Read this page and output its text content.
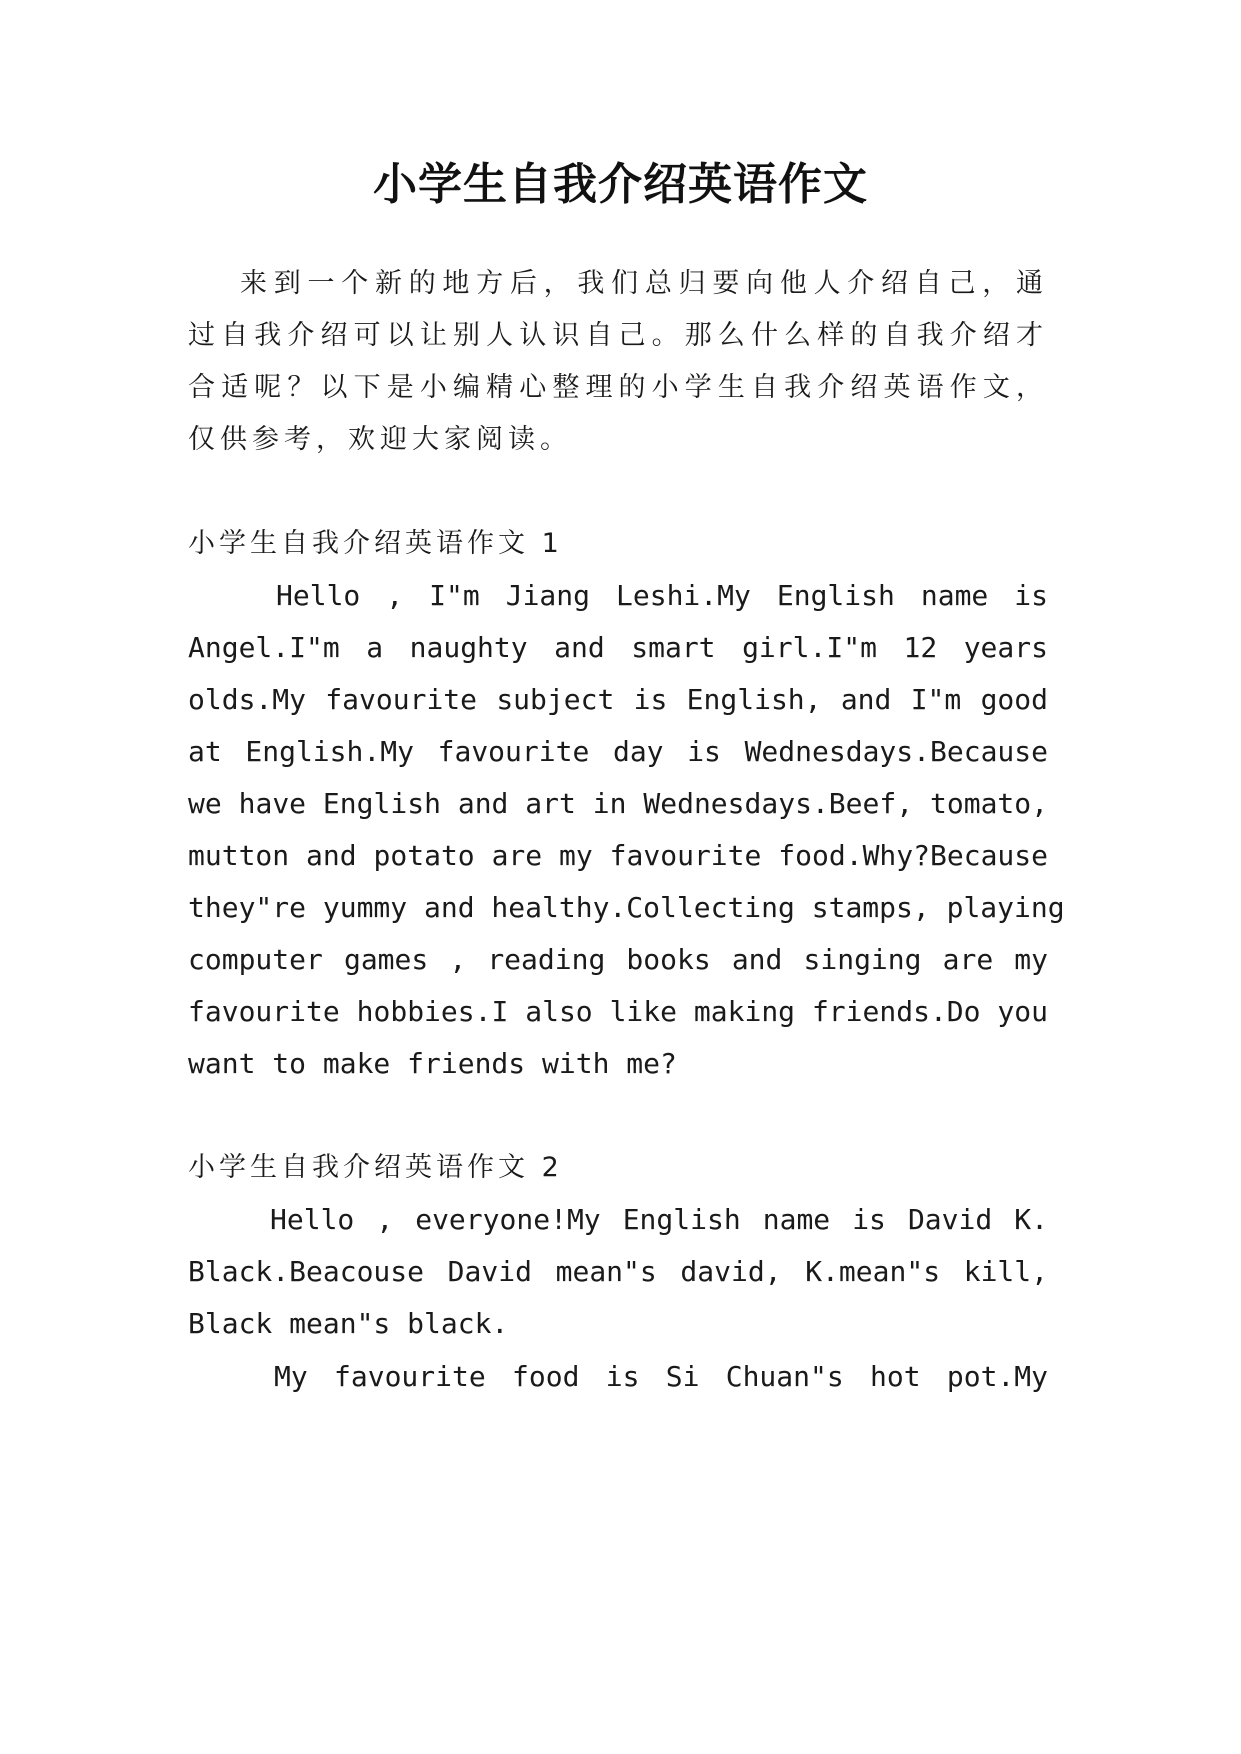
小学生自我介绍英语作文

来到一个新的地方后，我们总归要向他人介绍自己，通

过自我介绍可以让别人认识自己。那么什么样的自我介绍才

合适呢？以下是小编精心整理的小学生自我介绍英语作文，

仅供参考，欢迎大家阅读。

小学生自我介绍英语作文 1

Hello , I"m Jiang Leshi.My English name is

Angel.I"m a naughty and smart girl.I"m 12 years

olds.My favourite subject is English, and I"m good

at English.My favourite day is Wednesdays.Because

we have English and art in Wednesdays.Beef, tomato,

mutton and potato are my favourite food.Why?Because

they"re yummy and healthy.Collecting stamps, playing

computer games , reading books and singing are my

favourite hobbies.I also like making friends.Do you

want to make friends with me?

小学生自我介绍英语作文 2

Hello , everyone!My English name is David K.

Black.Beacouse David mean"s david, K.mean"s kill,

Black mean"s black.

My favourite food is Si Chuan"s hot pot.My
